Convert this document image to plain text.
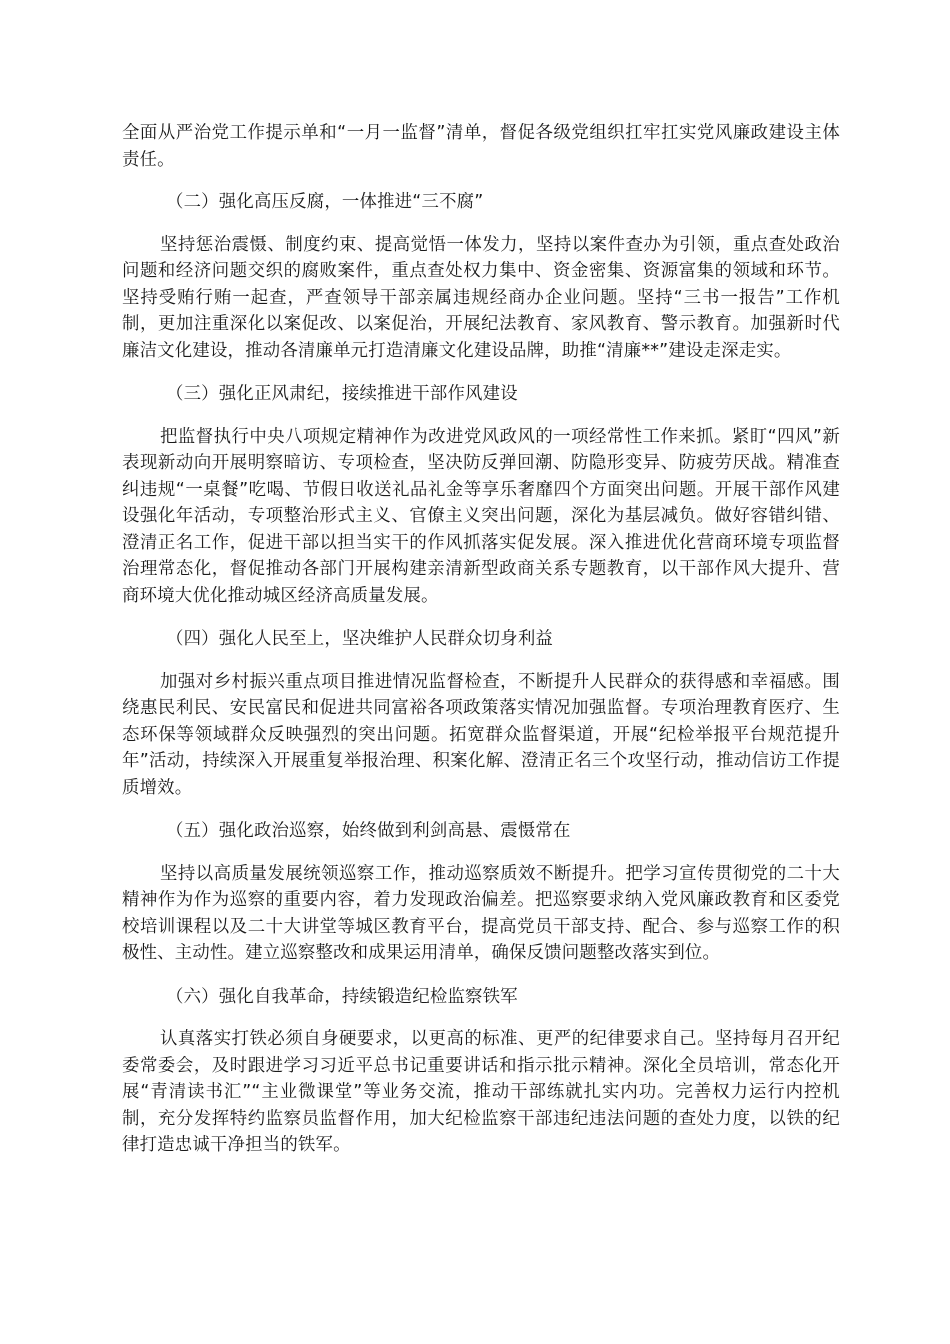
全面从严治党工作提示单和“一月一监督”清单，督促各级党组织扛牢扛实党风廉政建设主体责任。

（二）强化高压反腐，一体推进“三不腐”

坚持惩治震慑、制度约束、提高觉悟一体发力，坚持以案件查办为引领，重点查处政治问题和经济问题交织的腐败案件，重点查处权力集中、资金密集、资源富集的领域和环节。坚持受贿行贿一起查，严查领导干部亲属违规经商办企业问题。坚持“三书一报告”工作机制，更加注重深化以案促改、以案促治，开展纪法教育、家风教育、警示教育。加强新时代廉洁文化建设，推动各清廉单元打造清廉文化建设品牌，助推“清廉**”建设走深走实。

（三）强化正风肃纪，接续推进干部作风建设

把监督执行中央八项规定精神作为改进党风政风的一项经常性工作来抓。紧盯“四风”新表现新动向开展明察暗访、专项检查，坚决防反弹回潮、防隐形变异、防疲劳厌战。精准查纠违规“一桌餐”吃喝、节假日收送礼品礼金等享乐奢靡四个方面突出问题。开展干部作风建设强化年活动，专项整治形式主义、官僚主义突出问题，深化为基层减负。做好容错纠错、澄清正名工作，促进干部以担当实干的作风抓落实促发展。深入推进优化营商环境专项监督治理常态化，督促推动各部门开展构建亲清新型政商关系专题教育，以干部作风大提升、营商环境大优化推动城区经济高质量发展。

（四）强化人民至上，坚决维护人民群众切身利益

加强对乡村振兴重点项目推进情况监督检查，不断提升人民群众的获得感和幸福感。围绕惠民利民、安民富民和促进共同富裕各项政策落实情况加强监督。专项治理教育医疗、生态环保等领域群众反映强烈的突出问题。拓宽群众监督渠道，开展“纪检举报平台规范提升年”活动，持续深入开展重复举报治理、积案化解、澄清正名三个攻坚行动，推动信访工作提质增效。

（五）强化政治巡察，始终做到利剑高悬、震慑常在

坚持以高质量发展统领巡察工作，推动巡察质效不断提升。把学习宣传贯彻党的二十大精神作为作为巡察的重要内容，着力发现政治偏差。把巡察要求纳入党风廉政教育和区委党校培训课程以及二十大讲堂等城区教育平台，提高党员干部支持、配合、参与巡察工作的积极性、主动性。建立巡察整改和成果运用清单，确保反馈问题整改落实到位。

（六）强化自我革命，持续锻造纪检监察铁军

认真落实打铁必须自身硬要求，以更高的标准、更严的纪律要求自己。坚持每月召开纪委常委会，及时跟进学习习近平总书记重要讲话和指示批示精神。深化全员培训，常态化开展“青清读书汇”“主业微课堂”等业务交流，推动干部练就扎实内功。完善权力运行内控机制，充分发挥特约监察员监督作用，加大纪检监察干部违纪违法问题的查处力度，以铁的纪律打造忠诚干净担当的铁军。
